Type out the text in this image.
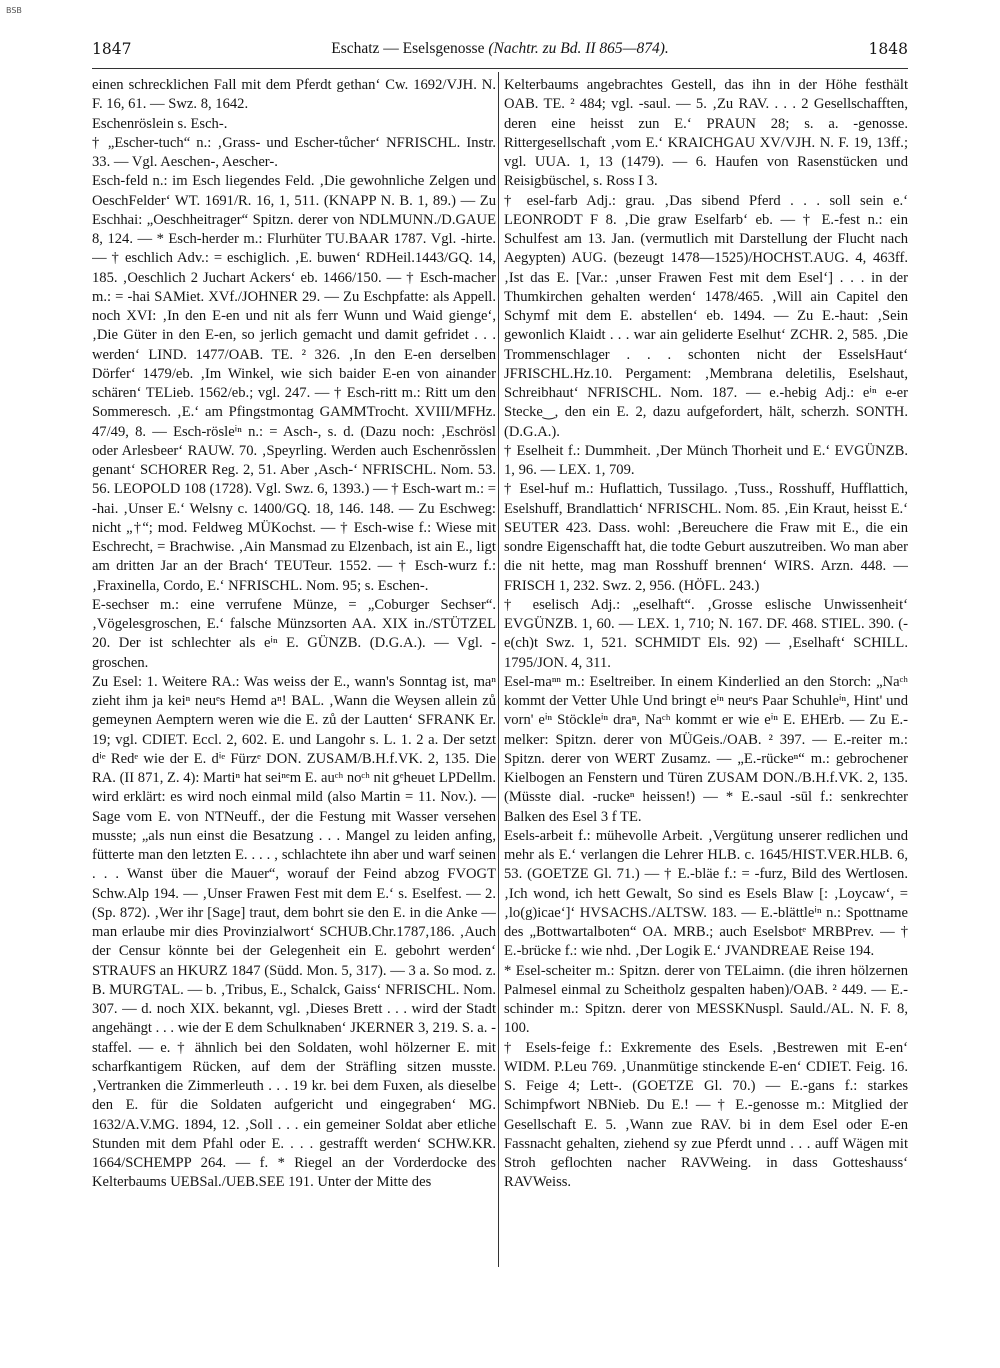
BSB
1847	Eschatz — Eselsgenosse (Nachtr. zu Bd. II 865—874).	1848

einen schrecklichen Fall mit dem Pferdt gethan‘ Cw. 1692/VJH. N. F. 16, 61. — Swz. 8, 1642.

Eschenröslein s. Esch-.

† „Escher-tuch“ n.: ‚Grass- und Escher-tůcher‘ NFRISCHL. Instr. 33. — Vgl. Aeschen-, Aescher-.

Esch-feld n.: im Esch liegendes Feld. ‚Die gewohnliche Zelgen und OeschFelder‘ WT. 1691/R. 16, 1, 511. (KNAPP N. B. 1, 89.) — Zu Eschhai: „Oeschheitrager“ Spitzn. derer von NDLMUNN./D.GAUE 8, 124. — * Esch-herder m.: Flurhüter TU.BAAR 1787. Vgl. -hirte. — † eschlich Adv.: = eschiglich. ‚E. buwen‘ RDHeil.1443/GQ. 14, 185. ‚Oeschlich 2 Juchart Ackers‘ eb. 1466/150. — † Esch-macher m.: = -hai SAMiet. XVf./JOHNER 29. — Zu Eschpfatte: als Appell. noch XVI: ‚In den E-en und nit als ferr Wunn und Waid gienge‘, ‚Die Güter in den E-en, so jerlich gemacht und damit gefridet . . . werden‘ LIND. 1477/OAB. TE. ² 326. ‚In den E-en derselben Dörfer‘ 1479/eb. ‚Im Winkel, wie sich baider E-en von ainander schären‘ TELieb. 1562/eb.; vgl. 247. — † Esch-ritt m.: Ritt um den Sommeresch. ‚E.‘ am Pfingstmontag GAMMTrocht. XVIII/MFHz. 47/49, 8. — Esch-rösleⁱⁿ n.: = Asch-, s. d. (Dazu noch: ‚Eschrösl oder Arlesbeer‘ RAUW. 70. ‚Speyrling. Werden auch Eschenrŏsslen genant‘ SCHORER Reg. 2, 51. Aber ‚Asch-‘ NFRISCHL. Nom. 53. 56. LEOPOLD 108 (1728). Vgl. Swz. 6, 1393.) — † Esch-wart m.: = -hai. ‚Unser E.‘ Welsny c. 1400/GQ. 18, 146. 148. — Zu Eschweg: nicht „†“; mod. Feldweg MÜKochst. — † Esch-wise f.: Wiese mit Eschrecht, = Brachwise. ‚Ain Mansmad zu Elzenbach, ist ain E., ligt am dritten Jar an der Brach‘ TEUTeur. 1552. — † Esch-wurz f.: ‚Fraxinella, Cordo, E.‘ NFRISCHL. Nom. 95; s. Eschen-.

E-sechser m.: eine verrufene Münze, = „Coburger Sechser“. ‚Vögelesgroschen, E.‘ falsche Münzsorten AA. XIX in./STÜTZEL 20. Der ist schlechter als eⁱⁿ E. GÜNZB. (D.G.A.). — Vgl. -groschen.

Zu Esel: 1. Weitere RA.: Was weiss der E., wann's Sonntag ist, maⁿ zieht ihm ja keiⁿ neuᵉs Hemd aⁿ! BAL. ‚Wann die Weysen allein zů gemeynen Aemptern weren wie die E. zů der Lautten‘ SFRANK Er. 19; vgl. CDIET. Eccl. 2, 602. E. und Langohr s. L. 1. 2 a. Der setzt dⁱᵉ Redᵉ wie der E. dⁱᵉ Fürzᵉ DON. ZUSAM/B.H.f.VK. 2, 135. Die RA. (II 871, Z. 4): Martiⁿ hat seiⁿᵉm E. auᶜʰ noᶜʰ nit gᵉheuet LPDellm. wird erklärt: es wird noch einmal mild (also Martin = 11. Nov.). — Sage vom E. von NTNeuff., der die Festung mit Wasser versehen musste; „als nun einst die Besatzung . . . Mangel zu leiden anfing, fütterte man den letzten E. . . . , schlachtete ihn aber und warf seinen . . . Wanst über die Mauer“, worauf der Feind abzog FVOGT Schw.Alp 194. — ‚Unser Frawen Fest mit dem E.‘ s. Eselfest. — 2. (Sp. 872). ‚Wer ihr [Sage] traut, dem bohrt sie den E. in die Anke — man erlaube mir dies Provinzialwort‘ SCHUB.Chr.1787,186. ‚Auch der Censur könnte bei der Gelegenheit ein E. gebohrt werden‘ STRAUFS an HKURZ 1847 (Südd. Mon. 5, 317). — 3 a. So mod. z. B. MURGTAL. — b. ‚Tribus, E., Schalck, Gaiss‘ NFRISCHL. Nom. 307. — d. noch XIX. bekannt, vgl. ‚Dieses Brett . . . wird der Stadt angehängt . . . wie der E dem Schulknaben‘ JKERNER 3, 219. S. a. -staffel. — e. † ähnlich bei den Soldaten, wohl hölzerner E. mit scharfkantigem Rücken, auf dem der Sträfling sitzen musste. ‚Vertranken die Zimmerleuth . . . 19 kr. bei dem Fuxen, als dieselbe den E. für die Soldaten aufgericht und eingegraben‘ MG. 1632/A.V.MG. 1894, 12. ‚Soll . . . ein gemeiner Soldat aber etliche Stunden mit dem Pfahl oder E. . . . gestrafft werden‘ SCHW.KR. 1664/SCHEMPP 264. — f. * Riegel an der Vorderdocke des Kelterbaums UEBSal./UEB.SEE 191. Unter der Mitte des

Kelterbaums angebrachtes Gestell, das ihn in der Höhe festhält OAB. TE. ² 484; vgl. -saul. — 5. ‚Zu RAV. . . . 2 Gesellschafften, deren eine heisst zun E.‘ PRAUN 28; s. a. -genosse. Rittergesellschaft ‚vom E.‘ KRAICHGAU XV/VJH. N. F. 19, 13ff.; vgl. UUA. 1, 13 (1479). — 6. Haufen von Rasenstücken und Reisigbüschel, s. Ross I 3.

† esel-farb Adj.: grau. ‚Das sibend Pferd . . . soll sein e.‘ LEONRODT F 8. ‚Die graw Eselfarb‘ eb. — † E.-fest n.: ein Schulfest am 13. Jan. (vermutlich mit Darstellung der Flucht nach Aegypten) AUG. (bezeugt 1478—1525)/HOCHST.AUG. 4, 463ff. ‚Ist das E. [Var.: ‚unser Frawen Fest mit dem Esel‘] . . . in der Thumkirchen gehalten werden‘ 1478/465. ‚Will ain Capitel den Schymf mit dem E. abstellen‘ eb. 1494. — Zu E.-haut: ‚Sein gewonlich Klaidt . . . war ain geliderte Eselhut‘ ZCHR. 2, 585. ‚Die Trommenschlager . . . schonten nicht der EsselsHaut‘ JFRISCHL.Hz.10. Pergament: ‚Membrana deletilis, Eselshaut, Schreibhaut‘ NFRISCHL. Nom. 187. — e.-hebig Adj.: eⁱⁿ e-er Stecke‿, den ein E. 2, dazu aufgefordert, hält, scherzh. SONTH. (D.G.A.).

† Eselheit f.: Dummheit. ‚Der Münch Thorheit und E.‘ EVGÜNZB. 1, 96. — LEX. 1, 709.

† Esel-huf m.: Huflattich, Tussilago. ‚Tuss., Rosshuff, Hufflattich, Eselshuff, Brandlattich‘ NFRISCHL. Nom. 85. ‚Ein Kraut, heisst E.‘ SEUTER 423. Dass. wohl: ‚Bereuchere die Fraw mit E., die ein sondre Eigenschafft hat, die todte Geburt auszutreiben. Wo man aber die nit hette, mag man Rosshuff brennen‘ WIRS. Arzn. 448. — FRISCH 1, 232. Swz. 2, 956. (HÖFL. 243.)

† eselisch Adj.: „eselhaft“. ‚Grosse eslische Unwissenheit‘ EVGÜNZB. 1, 60. — LEX. 1, 710; N. 167. DF. 468. STIEL. 390. (-e(ch)t Swz. 1, 521. SCHMIDT Els. 92) — ‚Eselhaft‘ SCHILL. 1795/JON. 4, 311.

Esel-maⁿⁿ m.: Eseltreiber. In einem Kinderlied an den Storch: „Naᶜʰ kommt der Vetter Uhle Und bringt eⁱⁿ neuᵉs Paar Schuhleⁱⁿ, Hint' und vorn' eⁱⁿ Stöckleⁱⁿ draⁿ, Naᶜʰ kommt er wie eⁱⁿ E. EHErb. — Zu E.-melker: Spitzn. derer von MÜGeis./OAB. ² 397. — E.-reiter m.: Spitzn. derer von WERT Zusamz. — „E.-rückeⁿ“ m.: gebrochener Kielbogen an Fenstern und Türen ZUSAM DON./B.H.f.VK. 2, 135. (Müsste dial. -ruckeⁿ heissen!) — * E.-saul -sūl f.: senkrechter Balken des Esel 3 f TE.

Esels-arbeit f.: mühevolle Arbeit. ‚Vergütung unserer redlichen und mehr als E.‘ verlangen die Lehrer HLB. c. 1645/HIST.VER.HLB. 6, 53. (GOETZE Gl. 71.) — † E.-bläe f.: = -furz, Bild des Wertlosen. ‚Ich wond, ich hett Gewalt, So sind es Esels Blaw [: ‚Loycaw‘, = ‚lo(g)icae‘]‘ HVSACHS./ALTSW. 183. — E.-blättleⁱⁿ n.: Spottname des „Bottwartalboten“ OA. MRB.; auch Eselsbotᵉ MRBPrev. — † E.-brücke f.: wie nhd. ‚Der Logik E.‘ JVANDREAE Reise 194.

* Esel-scheiter m.: Spitzn. derer von TELaimn. (die ihren hölzernen Palmesel einmal zu Scheitholz gespalten haben)/OAB. ² 449. — E.-schinder m.: Spitzn. derer von MESSKNuspl. Sauld./AL. N. F. 8, 100.

† Esels-feige f.: Exkremente des Esels. ‚Bestrewen mit E-en‘ WIDM. P.Leu 769. ‚Unanmütige stinckende E-en‘ CDIET. Feig. 16. S. Feige 4; Lett-. (GOETZE Gl. 70.) — E.-gans f.: starkes Schimpfwort NBNieb. Du E.! — † E.-genosse m.: Mitglied der Gesellschaft E. 5. ‚Wann zue RAV. bi in dem Esel oder E-en Fassnacht gehalten, ziehend sy zue Pferdt unnd . . . auff Wägen mit Stroh geflochten nacher RAVWeing. in dass Gotteshauss‘ RAVWeiss.
